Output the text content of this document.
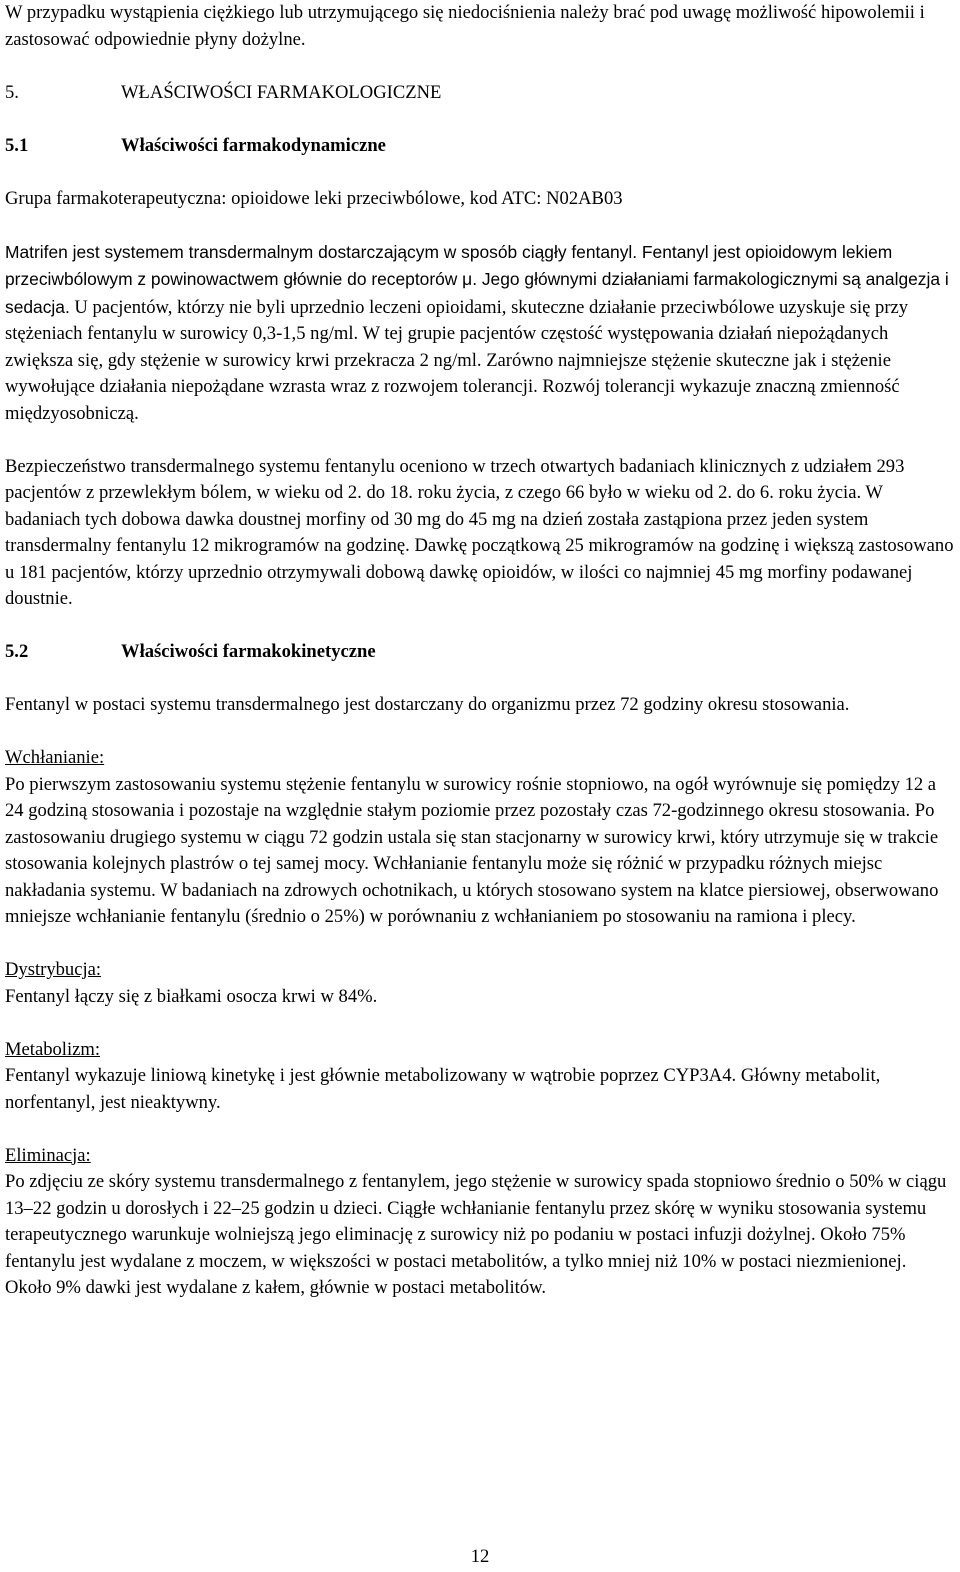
W przypadku wystąpienia ciężkiego lub utrzymującego się niedociśnienia należy brać pod uwagę możliwość hipowolemii i zastosować odpowiednie płyny dożylne.

5.	WŁAŚCIWOŚCI FARMAKOLOGICZNE
5.1	Właściwości farmakodynamiczne

Grupa farmakoterapeutyczna: opioidowe leki przeciwbólowe, kod ATC: N02AB03

Matrifen jest systemem transdermalnym dostarczającym w sposób ciągły fentanyl. Fentanyl jest opioidowym lekiem przeciwbólowym z powinowactwem głównie do receptorów μ. Jego głównymi działaniami farmakologicznymi są analgezja i sedacja. U pacjentów, którzy nie byli uprzednio leczeni opioidami, skuteczne działanie przeciwbólowe uzyskuje się przy stężeniach fentanylu w surowicy 0,3-1,5 ng/ml. W tej grupie pacjentów częstość występowania działań niepożądanych zwiększa się, gdy stężenie w surowicy krwi przekracza 2 ng/ml. Zarówno najmniejsze stężenie skuteczne jak i stężenie wywołujące działania niepożądane wzrasta wraz z rozwojem tolerancji. Rozwój tolerancji wykazuje znaczną zmienność międzyosobniczą.

Bezpieczeństwo transdermalnego systemu fentanylu oceniono w trzech otwartych badaniach klinicznych z udziałem 293 pacjentów z przewlekłym bólem, w wieku od 2. do 18. roku życia, z czego 66 było w wieku od 2. do 6. roku życia. W badaniach tych dobowa dawka doustnej morfiny od 30 mg do 45 mg na dzień została zastąpiona przez jeden system transdermalny fentanylu 12 mikrogramów na godzinę. Dawkę początkową 25 mikrogramów na godzinę i większą zastosowano u 181 pacjentów, którzy uprzednio otrzymywali dobową dawkę opioidów, w ilości co najmniej 45 mg morfiny podawanej doustnie.

5.2	Właściwości farmakokinetyczne

Fentanyl w postaci systemu transdermalnego jest dostarczany do organizmu przez 72 godziny okresu stosowania.

Wchłanianie:

Po pierwszym zastosowaniu systemu stężenie fentanylu w surowicy rośnie stopniowo, na ogół wyrównuje się pomiędzy 12 a 24 godziną stosowania i pozostaje na względnie stałym poziomie przez pozostały czas 72-godzinnego okresu stosowania. Po zastosowaniu drugiego systemu w ciągu 72 godzin ustala się stan stacjonarny w surowicy krwi, który utrzymuje się w trakcie stosowania kolejnych plastrów o tej samej mocy. Wchłanianie fentanylu może się różnić w przypadku różnych miejsc nakładania systemu. W badaniach na zdrowych ochotnikach, u których stosowano system na klatce piersiowej, obserwowano mniejsze wchłanianie fentanylu (średnio o 25%) w porównaniu z wchłanianiem po stosowaniu na ramiona i plecy.

Dystrybucja:

Fentanyl łączy się z białkami osocza krwi w 84%.

Metabolizm:

Fentanyl wykazuje liniową kinetykę i jest głównie metabolizowany w wątrobie poprzez CYP3A4. Główny metabolit, norfentanyl, jest nieaktywny.

Eliminacja:

Po zdjęciu ze skóry systemu transdermalnego z fentanylem, jego stężenie w surowicy spada stopniowo średnio o 50% w ciągu 13–22 godzin u dorosłych i 22–25 godzin u dzieci. Ciągłe wchłanianie fentanylu przez skórę w wyniku stosowania systemu terapeutycznego warunkuje wolniejszą jego eliminację z surowicy niż po podaniu w postaci infuzji dożylnej. Około 75% fentanylu jest wydalane z moczem, w większości w postaci metabolitów, a tylko mniej niż 10% w postaci niezmienionej. Około 9% dawki jest wydalane z kałem, głównie w postaci metabolitów.

12
